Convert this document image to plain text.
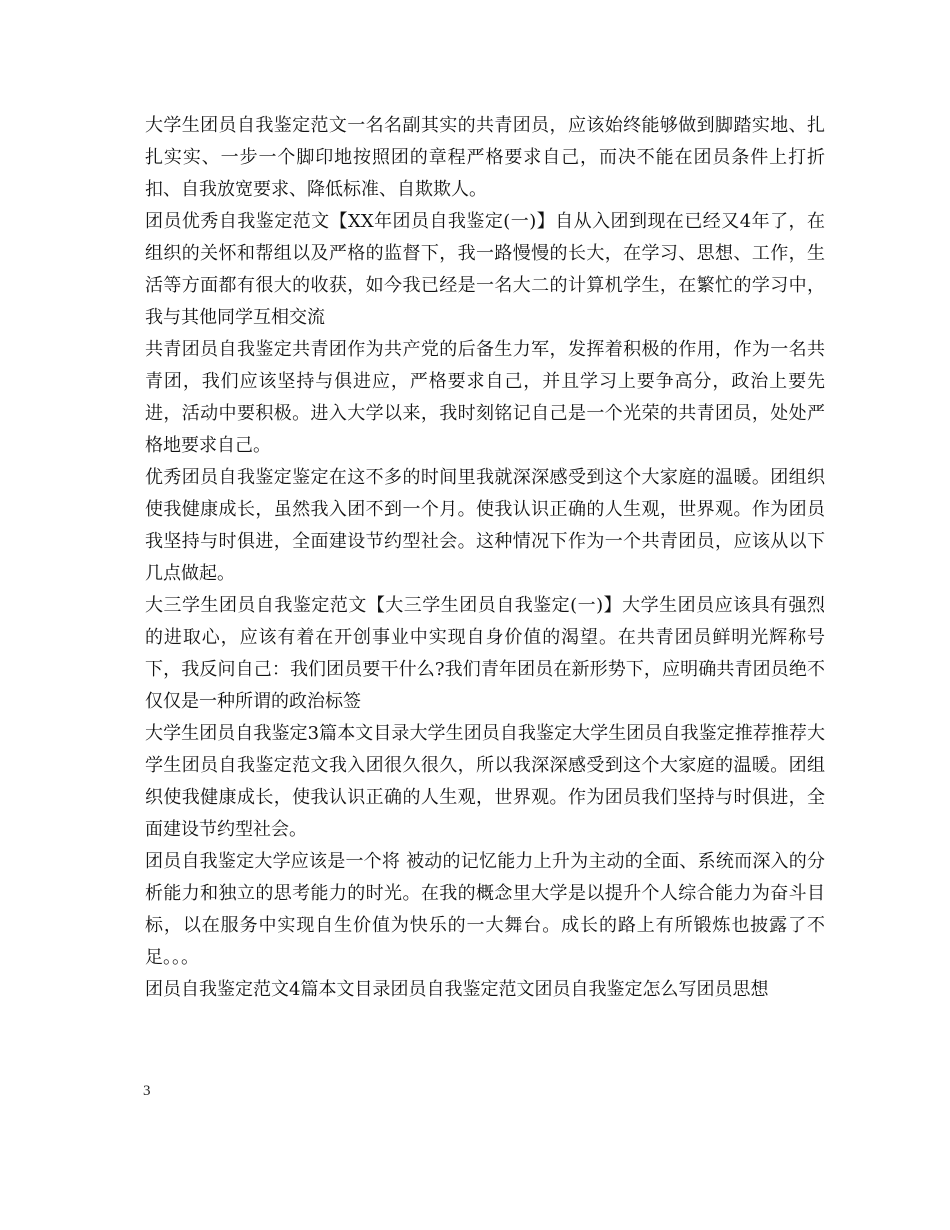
大学生团员自我鉴定范文一名名副其实的共青团员，应该始终能够做到脚踏实地、扎扎实实、一步一个脚印地按照团的章程严格要求自己，而决不能在团员条件上打折扣、自我放宽要求、降低标准、自欺欺人。

团员优秀自我鉴定范文【XX年团员自我鉴定(一)】自从入团到现在已经又4年了，在组织的关怀和帮组以及严格的监督下，我一路慢慢的长大，在学习、思想、工作，生活等方面都有很大的收获，如今我已经是一名大二的计算机学生，在繁忙的学习中，我与其他同学互相交流

共青团员自我鉴定共青团作为共产党的后备生力军，发挥着积极的作用，作为一名共青团，我们应该坚持与俱进应，严格要求自己，并且学习上要争高分，政治上要先进，活动中要积极。进入大学以来，我时刻铭记自己是一个光荣的共青团员，处处严格地要求自己。

优秀团员自我鉴定鉴定在这不多的时间里我就深深感受到这个大家庭的温暖。团组织使我健康成长，虽然我入团不到一个月。使我认识正确的人生观，世界观。作为团员我坚持与时俱进，全面建设节约型社会。这种情况下作为一个共青团员，应该从以下几点做起。

大三学生团员自我鉴定范文【大三学生团员自我鉴定(一)】大学生团员应该具有强烈的进取心，应该有着在开创事业中实现自身价值的渴望。在共青团员鲜明光辉称号下，我反问自己：我们团员要干什么?我们青年团员在新形势下，应明确共青团员绝不仅仅是一种所谓的政治标签

大学生团员自我鉴定3篇本文目录大学生团员自我鉴定大学生团员自我鉴定推荐推荐大学生团员自我鉴定范文我入团很久很久，所以我深深感受到这个大家庭的温暖。团组织使我健康成长，使我认识正确的人生观，世界观。作为团员我们坚持与时俱进，全面建设节约型社会。

团员自我鉴定大学应该是一个将 被动的记忆能力上升为主动的全面、系统而深入的分析能力和独立的思考能力的时光。在我的概念里大学是以提升个人综合能力为奋斗目标，以在服务中实现自生价值为快乐的一大舞台。成长的路上有所锻炼也披露了不足。。。

团员自我鉴定范文4篇本文目录团员自我鉴定范文团员自我鉴定怎么写团员思想

3
